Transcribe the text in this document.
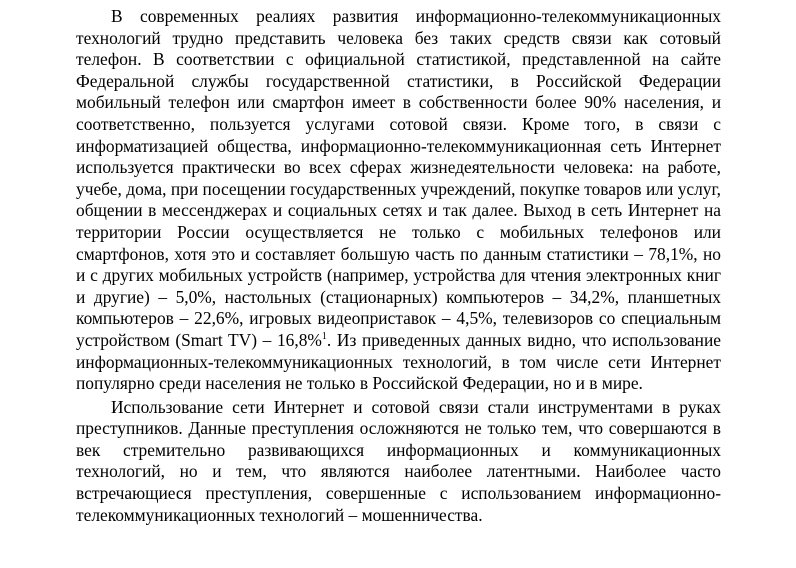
В современных реалиях развития информационно-телекоммуникационных технологий трудно представить человека без таких средств связи как сотовый телефон. В соответствии с официальной статистикой, представленной на сайте Федеральной службы государственной статистики, в Российской Федерации мобильный телефон или смартфон имеет в собственности более 90% населения, и соответственно, пользуется услугами сотовой связи. Кроме того, в связи с информатизацией общества, информационно-телекоммуникационная сеть Интернет используется практически во всех сферах жизнедеятельности человека: на работе, учебе, дома, при посещении государственных учреждений, покупке товаров или услуг, общении в мессенджерах и социальных сетях и так далее. Выход в сеть Интернет на территории России осуществляется не только с мобильных телефонов или смартфонов, хотя это и составляет большую часть по данным статистики – 78,1%, но и с других мобильных устройств (например, устройства для чтения электронных книг и другие) – 5,0%, настольных (стационарных) компьютеров – 34,2%, планшетных компьютеров – 22,6%, игровых видеоприставок – 4,5%, телевизоров со специальным устройством (Smart TV) – 16,8%$^1$. Из приведенных данных видно, что использование информационных-телекоммуникационных технологий, в том числе сети Интернет популярно среди населения не только в Российской Федерации, но и в мире.

Использование сети Интернет и сотовой связи стали инструментами в руках преступников. Данные преступления осложняются не только тем, что совершаются в век стремительно развивающихся информационных и коммуникационных технологий, но и тем, что являются наиболее латентными. Наиболее часто встречающиеся преступления, совершенные с использованием информационно-телекоммуникационных технологий – мошенничества.
